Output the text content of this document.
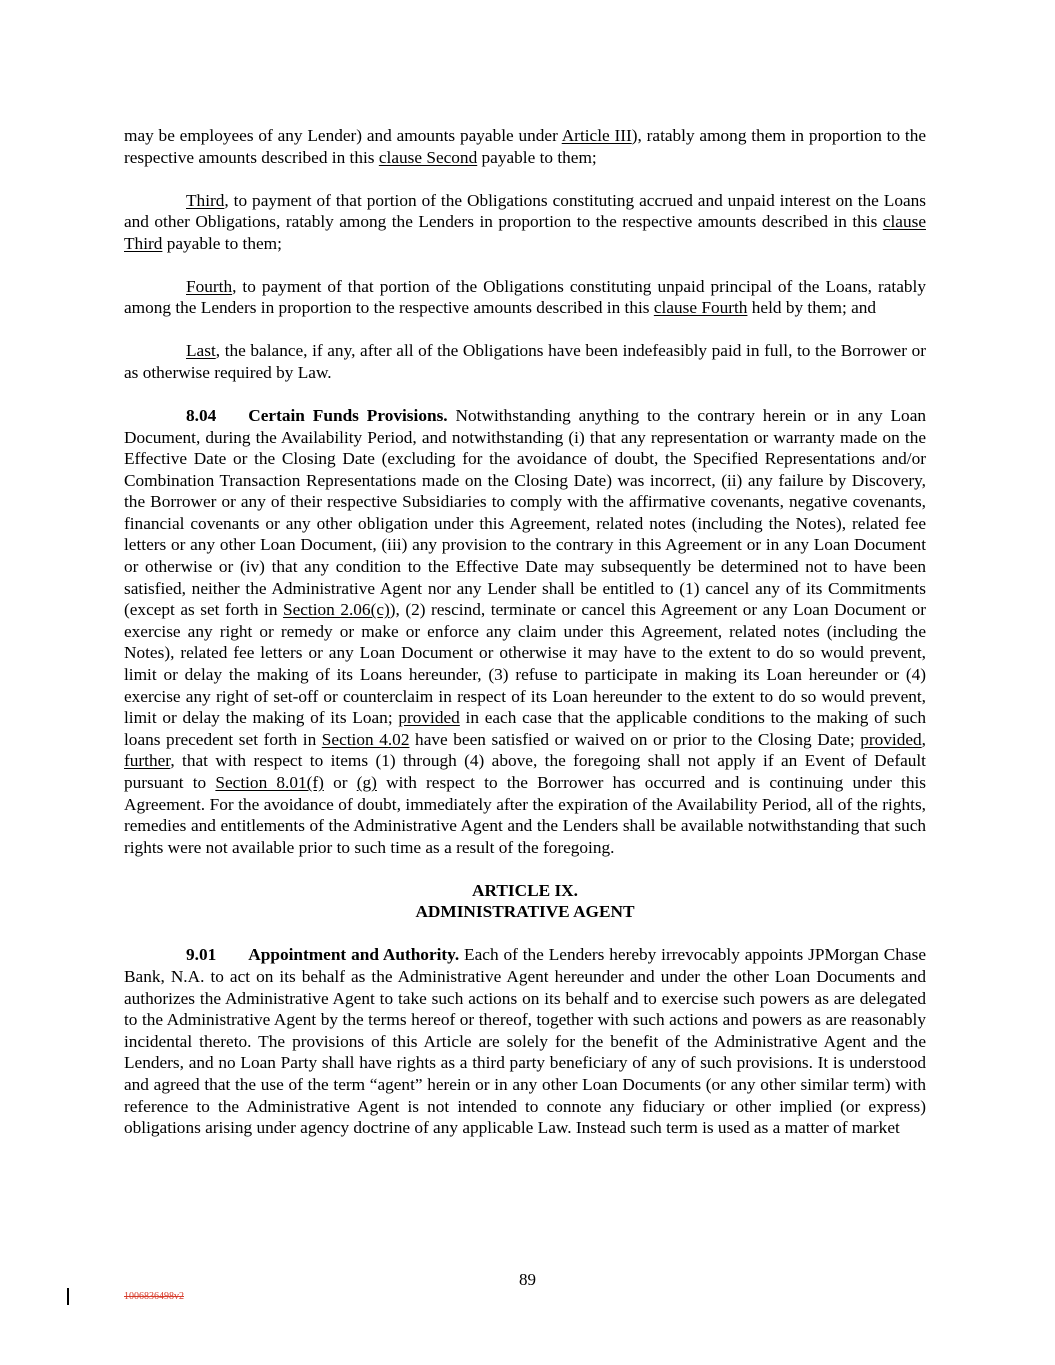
may be employees of any Lender) and amounts payable under Article III), ratably among them in proportion to the respective amounts described in this clause Second payable to them;

Third, to payment of that portion of the Obligations constituting accrued and unpaid interest on the Loans and other Obligations, ratably among the Lenders in proportion to the respective amounts described in this clause Third payable to them;

Fourth, to payment of that portion of the Obligations constituting unpaid principal of the Loans, ratably among the Lenders in proportion to the respective amounts described in this clause Fourth held by them; and

Last, the balance, if any, after all of the Obligations have been indefeasibly paid in full, to the Borrower or as otherwise required by Law.

8.04 Certain Funds Provisions. Notwithstanding anything to the contrary herein or in any Loan Document, during the Availability Period, and notwithstanding (i) that any representation or warranty made on the Effective Date or the Closing Date (excluding for the avoidance of doubt, the Specified Representations and/or Combination Transaction Representations made on the Closing Date) was incorrect, (ii) any failure by Discovery, the Borrower or any of their respective Subsidiaries to comply with the affirmative covenants, negative covenants, financial covenants or any other obligation under this Agreement, related notes (including the Notes), related fee letters or any other Loan Document, (iii) any provision to the contrary in this Agreement or in any Loan Document or otherwise or (iv) that any condition to the Effective Date may subsequently be determined not to have been satisfied, neither the Administrative Agent nor any Lender shall be entitled to (1) cancel any of its Commitments (except as set forth in Section 2.06(c)), (2) rescind, terminate or cancel this Agreement or any Loan Document or exercise any right or remedy or make or enforce any claim under this Agreement, related notes (including the Notes), related fee letters or any Loan Document or otherwise it may have to the extent to do so would prevent, limit or delay the making of its Loans hereunder, (3) refuse to participate in making its Loan hereunder or (4) exercise any right of set-off or counterclaim in respect of its Loan hereunder to the extent to do so would prevent, limit or delay the making of its Loan; provided in each case that the applicable conditions to the making of such loans precedent set forth in Section 4.02 have been satisfied or waived on or prior to the Closing Date; provided, further, that with respect to items (1) through (4) above, the foregoing shall not apply if an Event of Default pursuant to Section 8.01(f) or (g) with respect to the Borrower has occurred and is continuing under this Agreement. For the avoidance of doubt, immediately after the expiration of the Availability Period, all of the rights, remedies and entitlements of the Administrative Agent and the Lenders shall be available notwithstanding that such rights were not available prior to such time as a result of the foregoing.

ARTICLE IX.
ADMINISTRATIVE AGENT

9.01 Appointment and Authority. Each of the Lenders hereby irrevocably appoints JPMorgan Chase Bank, N.A. to act on its behalf as the Administrative Agent hereunder and under the other Loan Documents and authorizes the Administrative Agent to take such actions on its behalf and to exercise such powers as are delegated to the Administrative Agent by the terms hereof or thereof, together with such actions and powers as are reasonably incidental thereto. The provisions of this Article are solely for the benefit of the Administrative Agent and the Lenders, and no Loan Party shall have rights as a third party beneficiary of any of such provisions. It is understood and agreed that the use of the term “agent” herein or in any other Loan Documents (or any other similar term) with reference to the Administrative Agent is not intended to connote any fiduciary or other implied (or express) obligations arising under agency doctrine of any applicable Law. Instead such term is used as a matter of market

89
1006836498v2
